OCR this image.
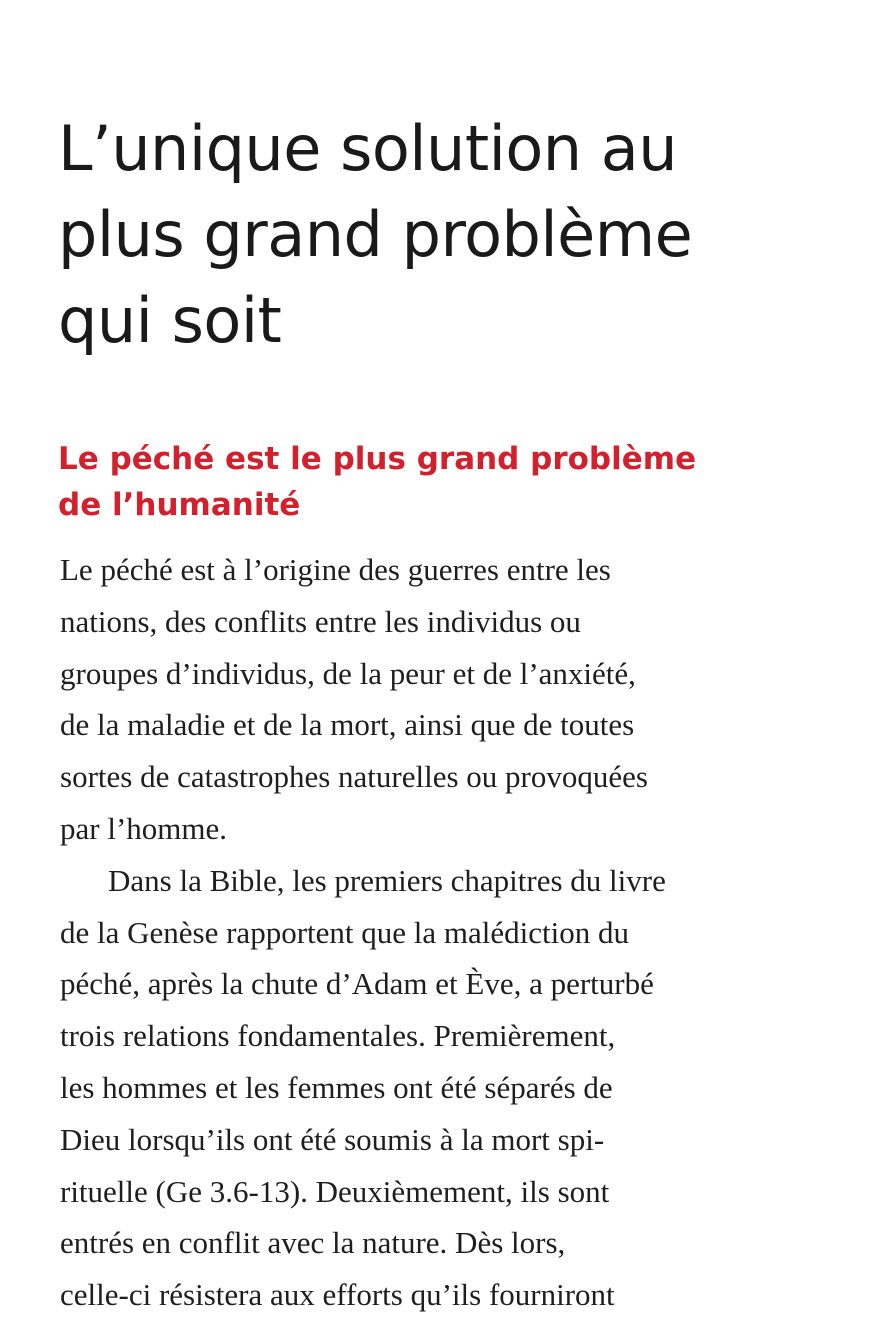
L’unique solution au
plus grand problème
qui soit
Le péché est le plus grand problème
de l’humanité
Le péché est à l’origine des guerres entre les
nations, des conflits entre les individus ou
groupes d’individus, de la peur et de l’anxiété,
de la maladie et de la mort, ainsi que de toutes
sortes de catastrophes naturelles ou provoquées
par l’homme.
Dans la Bible, les premiers chapitres du livre
de la Genèse rapportent que la malédiction du
péché, après la chute d’Adam et Ève, a perturbé
trois relations fondamentales. Premièrement,
les hommes et les femmes ont été séparés de
Dieu lorsqu’ils ont été soumis à la mort spi-
rituelle (Ge 3.6-13). Deuxièmement, ils sont
entrés en conflit avec la nature. Dès lors,
celle-ci résistera aux efforts qu’ils fourniront
